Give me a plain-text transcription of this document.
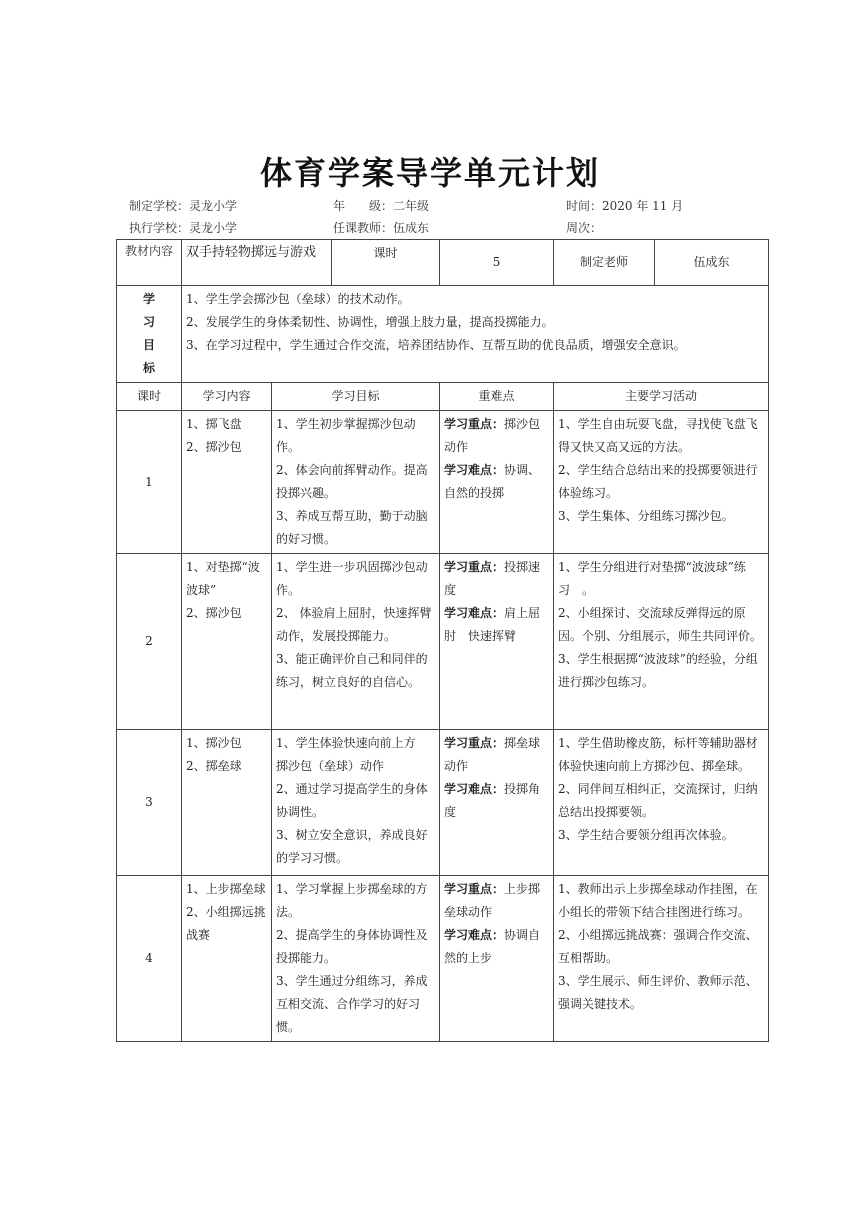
体育学案导学单元计划
制定学校：灵龙小学	年　　级：二年级	时间：2020 年 11 月
执行学校：灵龙小学	任课教师：伍成东	周次：
教材内容	双手持轻物掷远与游戏		课时	5	制定老师	伍成东

学
习
目
标	1、学生学会掷沙包（垒球）的技术动作。
2、发展学生的身体柔韧性、协调性，增强上肢力量，提高投掷能力。
3、在学习过程中，学生通过合作交流，培养团结协作、互帮互助的优良品质，增强安全意识。					

课时	学习内容	学习目标		重难点	主要学习活动	
1	1、掷飞盘
2、掷沙包	1、学生初步掌握掷沙包动作。
2、体会向前挥臂动作。提高投掷兴趣。
3、养成互帮互助，勤于动脑的好习惯。		学习重点：掷沙包动作
学习难点：协调、自然的投掷	1、学生自由玩耍飞盘，寻找使飞盘飞得又快又高又远的方法。
2、学生结合总结出来的投掷要领进行体验练习。
3、学生集体、分组练习掷沙包。	

2	1、对垫掷“波波球”
2、掷沙包	1、学生进一步巩固掷沙包动作。
2、 体验肩上屈肘，快速挥臂动作，发展投掷能力。
3、能正确评价自己和同伴的练习，树立良好的自信心。		学习重点：投掷速度
学习难点：肩上屈肘　快速挥臂	1、学生分组进行对垫掷“波波球”练习　。
2、小组探讨、交流球反弹得远的原因。个别、分组展示，师生共同评价。
3、学生根据掷“波波球”的经验，分组进行掷沙包练习。	

3	1、掷沙包
2、掷垒球	1、学生体验快速向前上方　掷沙包（垒球）动作
2、通过学习提高学生的身体协调性。
3、树立安全意识，养成良好的学习习惯。		学习重点：掷垒球动作
学习难点：投掷角度	1、学生借助橡皮筋，标杆等辅助器材体验快速向前上方掷沙包、掷垒球。
2、同伴间互相纠正，交流探讨，归纳总结出投掷要领。
3、学生结合要领分组再次体验。	

4	1、上步掷垒球
2、小组掷远挑战赛	1、学习掌握上步掷垒球的方法。
2、提高学生的身体协调性及投掷能力。
3、学生通过分组练习，养成互相交流、合作学习的好习惯。		学习重点：上步掷垒球动作
学习难点：协调自然的上步	1、教师出示上步掷垒球动作挂图，在小组长的带领下结合挂图进行练习。
2、小组掷远挑战赛：强调合作交流、互相帮助。
3、学生展示、师生评价、教师示范、强调关键技术。	
